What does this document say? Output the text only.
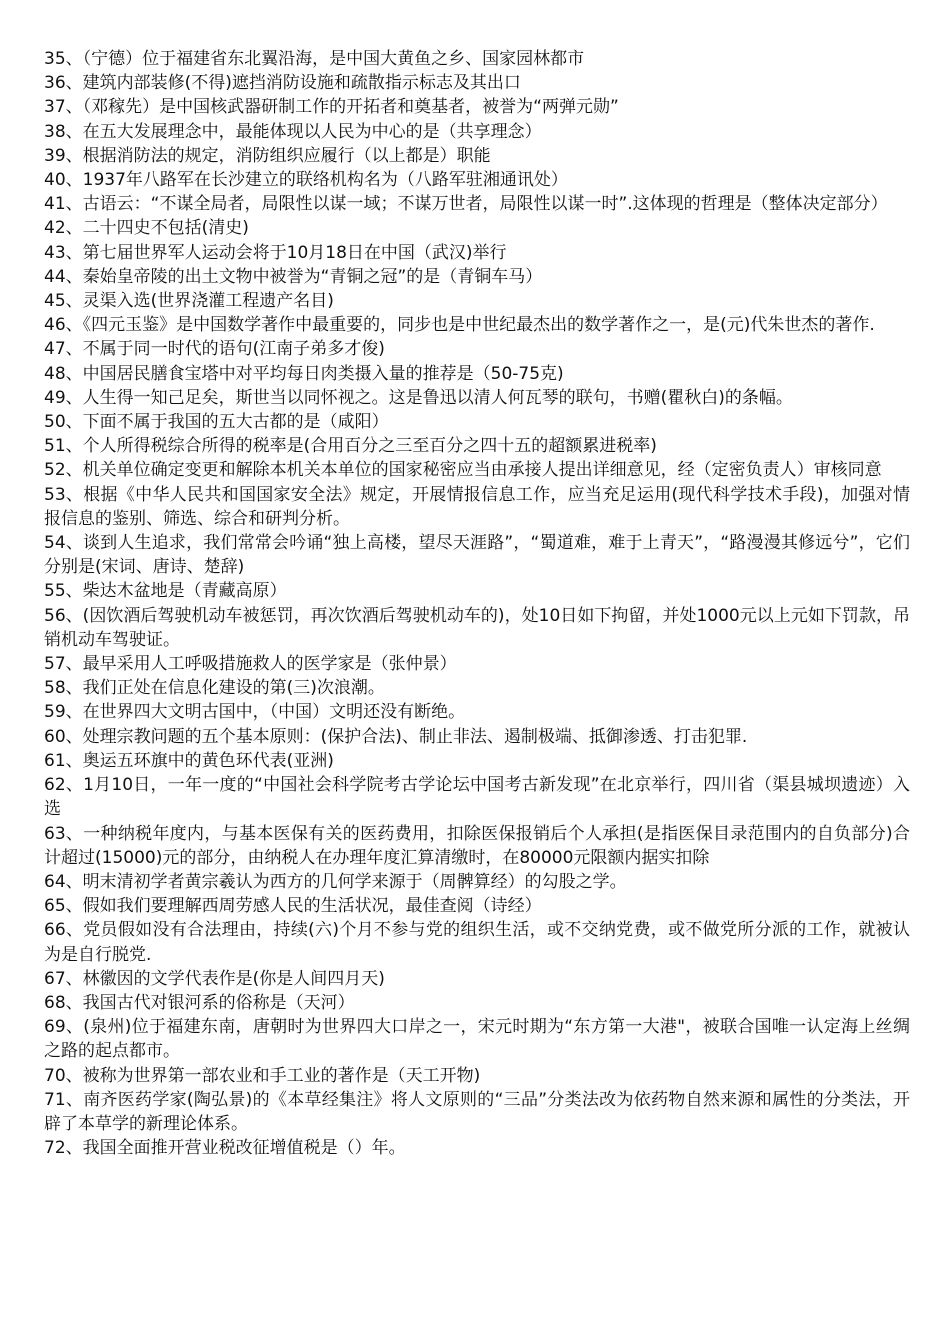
35、（宁德）位于福建省东北翼沿海，是中国大黄鱼之乡、国家园林都市

36、建筑内部装修(不得)遮挡消防设施和疏散指示标志及其出口

37、（邓稼先）是中国核武器研制工作的开拓者和奠基者，被誉为“两弹元勋”

38、在五大发展理念中，最能体现以人民为中心的是（共享理念）

39、根据消防法的规定，消防组织应履行（以上都是）职能

40、1937年八路军在长沙建立的联络机构名为（八路军驻湘通讯处）

41、古语云：“不谋全局者，局限性以谋一域；不谋万世者，局限性以谋一时”.这体现的哲理是（整体决定部分）

42、二十四史不包括(清史)

43、第七届世界军人运动会将于10月18日在中国（武汉)举行

44、秦始皇帝陵的出土文物中被誉为“青铜之冠”的是（青铜车马）

45、灵渠入选(世界浇灌工程遗产名目)

46、《四元玉鉴》是中国数学著作中最重要的，同步也是中世纪最杰出的数学著作之一，是(元)代朱世杰的著作.

47、不属于同一时代的语句(江南子弟多才俊)

48、中国居民膳食宝塔中对平均每日肉类摄入量的推荐是（50-75克)

49、人生得一知己足矣，斯世当以同怀视之。这是鲁迅以清人何瓦琴的联句，书赠(瞿秋白)的条幅。

50、下面不属于我国的五大古都的是（咸阳）

51、个人所得税综合所得的税率是(合用百分之三至百分之四十五的超额累进税率)

52、机关单位确定变更和解除本机关本单位的国家秘密应当由承接人提出详细意见，经（定密负责人）审核同意

53、根据《中华人民共和国国家安全法》规定，开展情报信息工作，应当充足运用(现代科学技术手段)，加强对情报信息的鉴别、筛选、综合和研判分析。

54、谈到人生追求，我们常常会吟诵“独上高楼，望尽天涯路”，“蜀道难，难于上青天”，“路漫漫其修远兮”，它们分别是(宋词、唐诗、楚辞)

55、柴达木盆地是（青藏高原）

56、(因饮酒后驾驶机动车被惩罚，再次饮酒后驾驶机动车的)，处10日如下拘留，并处1000元以上元如下罚款，吊销机动车驾驶证。

57、最早采用人工呼吸措施救人的医学家是（张仲景）

58、我们正处在信息化建设的第(三)次浪潮。

59、在世界四大文明古国中，（中国）文明还没有断绝。

60、处理宗教问题的五个基本原则：(保护合法)、制止非法、遏制极端、抵御渗透、打击犯罪.

61、奥运五环旗中的黄色环代表(亚洲)

62、1月10日，一年一度的“中国社会科学院考古学论坛中国考古新发现”在北京举行，四川省（渠县城坝遗迹）入选

63、一种纳税年度内，与基本医保有关的医药费用，扣除医保报销后个人承担(是指医保目录范围内的自负部分)合计超过(15000)元的部分，由纳税人在办理年度汇算清缴时，在80000元限额内据实扣除

64、明末清初学者黄宗羲认为西方的几何学来源于（周髀算经）的勾股之学。

65、假如我们要理解西周劳感人民的生活状况，最佳查阅（诗经）

66、党员假如没有合法理由，持续(六)个月不参与党的组织生活，或不交纳党费，或不做党所分派的工作，就被认为是自行脱党.

67、林徽因的文学代表作是(你是人间四月天)

68、我国古代对银河系的俗称是（天河）

69、(泉州)位于福建东南，唐朝时为世界四大口岸之一，宋元时期为“东方第一大港"，被联合国唯一认定海上丝绸之路的起点都市。

70、被称为世界第一部农业和手工业的著作是（天工开物)

71、南齐医药学家(陶弘景)的《本草经集注》将人文原则的“三品”分类法改为依药物自然来源和属性的分类法，开辟了本草学的新理论体系。

72、我国全面推开营业税改征增值税是（）年。
